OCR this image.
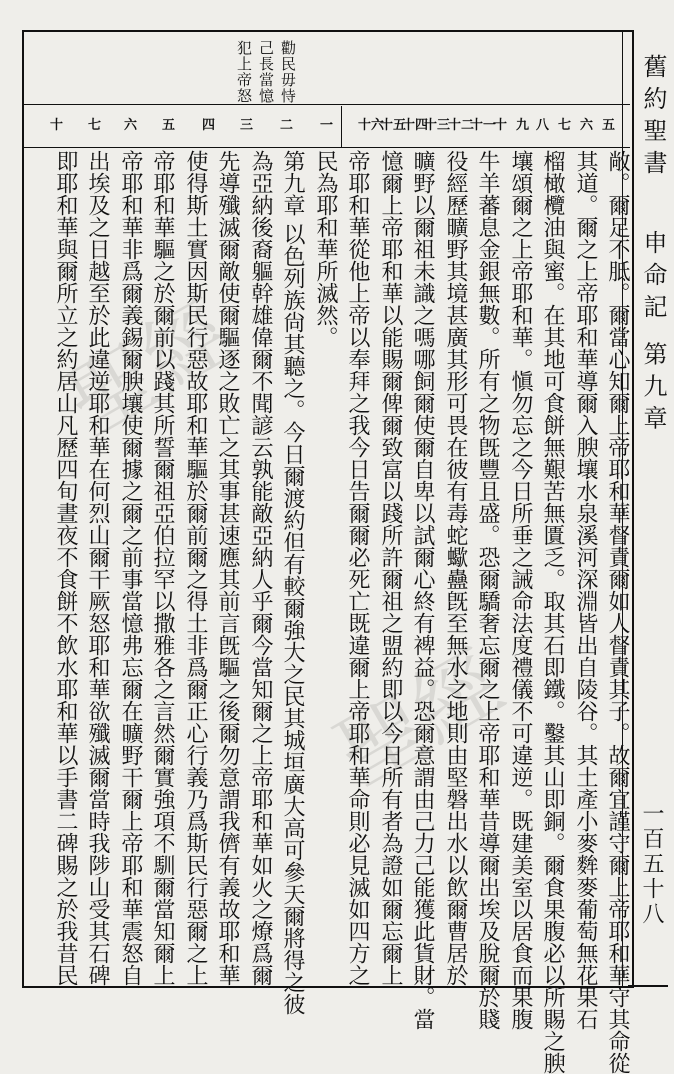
聖經
聖經
勸民毋恃
己長當憶
犯上帝怒
五
六
七
八
九
十
十一
十二
十三
十四
十五
十六
一
二
三
四
五
六
七
十
敞。爾足不胝。爾當心知爾上帝耶和華督責爾如人督責其子。故爾宜謹守爾上帝耶和華守其命從
其道。爾之上帝耶和華導爾入腴壤水泉溪河深淵皆出自陵谷。其土產小麥麰麥葡萄無花果石
榴橄欖油與蜜。在其地可食餅無艱苦無匱乏。取其石即鐵。鑿其山即銅。爾食果腹必以所賜之腴
壤頌爾之上帝耶和華。愼勿忘之今日所垂之誡命法度禮儀不可違逆。既建美室以居食而果腹
牛羊蕃息金銀無數。所有之物旣豐且盛。恐爾驕奢忘爾之上帝耶和華昔導爾出埃及脫爾於賤
役經歷曠野其境甚廣其形可畏在彼有毒蛇蠍蠱旣至無水之地則由堅磐出水以飲爾曹居於
曠野以爾祖未識之嗎哪飼爾使爾自卑以試爾心終有裨益。恐爾意謂由己力己能獲此貨財。當
憶爾上帝耶和華以能賜爾俾爾致富以踐所許爾祖之盟約即以今日所有者為證如爾忘爾上
帝耶和華從他上帝以奉拜之我今日告爾爾必死亡既違爾上帝耶和華命則必見滅如四方之
民為耶和華所滅然。
第九章 以色列族尙其聽之。今日爾渡約但有較爾強大之民其城垣廣大高可參天爾將得之彼
為亞納後裔軀幹雄偉爾不聞諺云孰能敵亞納人乎爾今當知爾之上帝耶和華如火之燎爲爾
先導殲滅爾敵使爾驅逐之敗亡之其事甚速應其前言旣驅之後爾勿意謂我儕有義故耶和華
使得斯土實因斯民行惡故耶和華驅於爾前爾之得土非爲爾正心行義乃爲斯民行惡爾之上
帝耶和華驅之於爾前以踐其所誓爾祖亞伯拉罕以撒雅各之言然爾實強項不馴爾當知爾上
帝耶和華非爲爾義錫爾腴壤使爾據之爾之前事當憶弗忘爾在曠野干爾上帝耶和華震怒自
出埃及之日越至於此違逆耶和華在何烈山爾干厥怒耶和華欲殲滅爾當時我陟山受其石碑
即耶和華與爾所立之約居山凡歷四旬晝夜不食餅不飲水耶和華以手書二碑賜之於我昔民
舊約聖書
申命記 第九章
一百五十八
